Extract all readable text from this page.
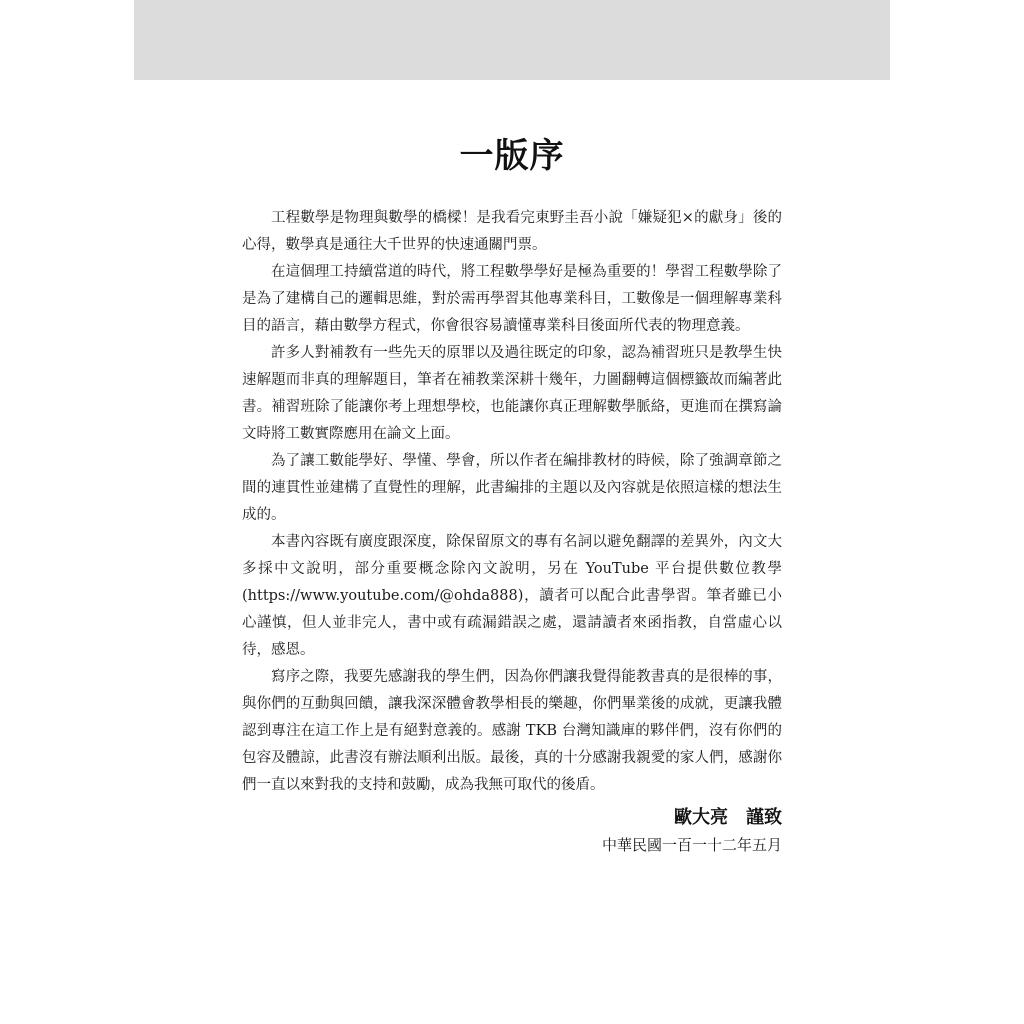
一版序

工程數學是物理與數學的橋樑！是我看完東野圭吾小說「嫌疑犯×的獻身」後的心得，數學真是通往大千世界的快速通關門票。

在這個理工持續當道的時代，將工程數學學好是極為重要的！學習工程數學除了是為了建構自己的邏輯思維，對於需再學習其他專業科目，工數像是一個理解專業科目的語言，藉由數學方程式，你會很容易讀懂專業科目後面所代表的物理意義。

許多人對補教有一些先天的原罪以及過往既定的印象，認為補習班只是教學生快速解題而非真的理解題目，筆者在補教業深耕十幾年，力圖翻轉這個標籤故而編著此書。補習班除了能讓你考上理想學校，也能讓你真正理解數學脈絡，更進而在撰寫論文時將工數實際應用在論文上面。

為了讓工數能學好、學懂、學會，所以作者在編排教材的時候，除了強調章節之間的連貫性並建構了直覺性的理解，此書編排的主題以及內容就是依照這樣的想法生成的。

本書內容既有廣度跟深度，除保留原文的專有名詞以避免翻譯的差異外，內文大多採中文說明，部分重要概念除內文說明，另在 YouTube 平台提供數位教學(https://www.youtube.com/@ohda888)，讀者可以配合此書學習。筆者雖已小心謹慎，但人並非完人，書中或有疏漏錯誤之處，還請讀者來函指教，自當虛心以待，感恩。

寫序之際，我要先感謝我的學生們，因為你們讓我覺得能教書真的是很棒的事，與你們的互動與回饋，讓我深深體會教學相長的樂趣，你們畢業後的成就，更讓我體認到專注在這工作上是有絕對意義的。感謝 TKB 台灣知識庫的夥伴們，沒有你們的包容及體諒，此書沒有辦法順利出版。最後，真的十分感謝我親愛的家人們，感謝你們一直以來對我的支持和鼓勵，成為我無可取代的後盾。

歐大亮　謹致
中華民國一百一十二年五月
